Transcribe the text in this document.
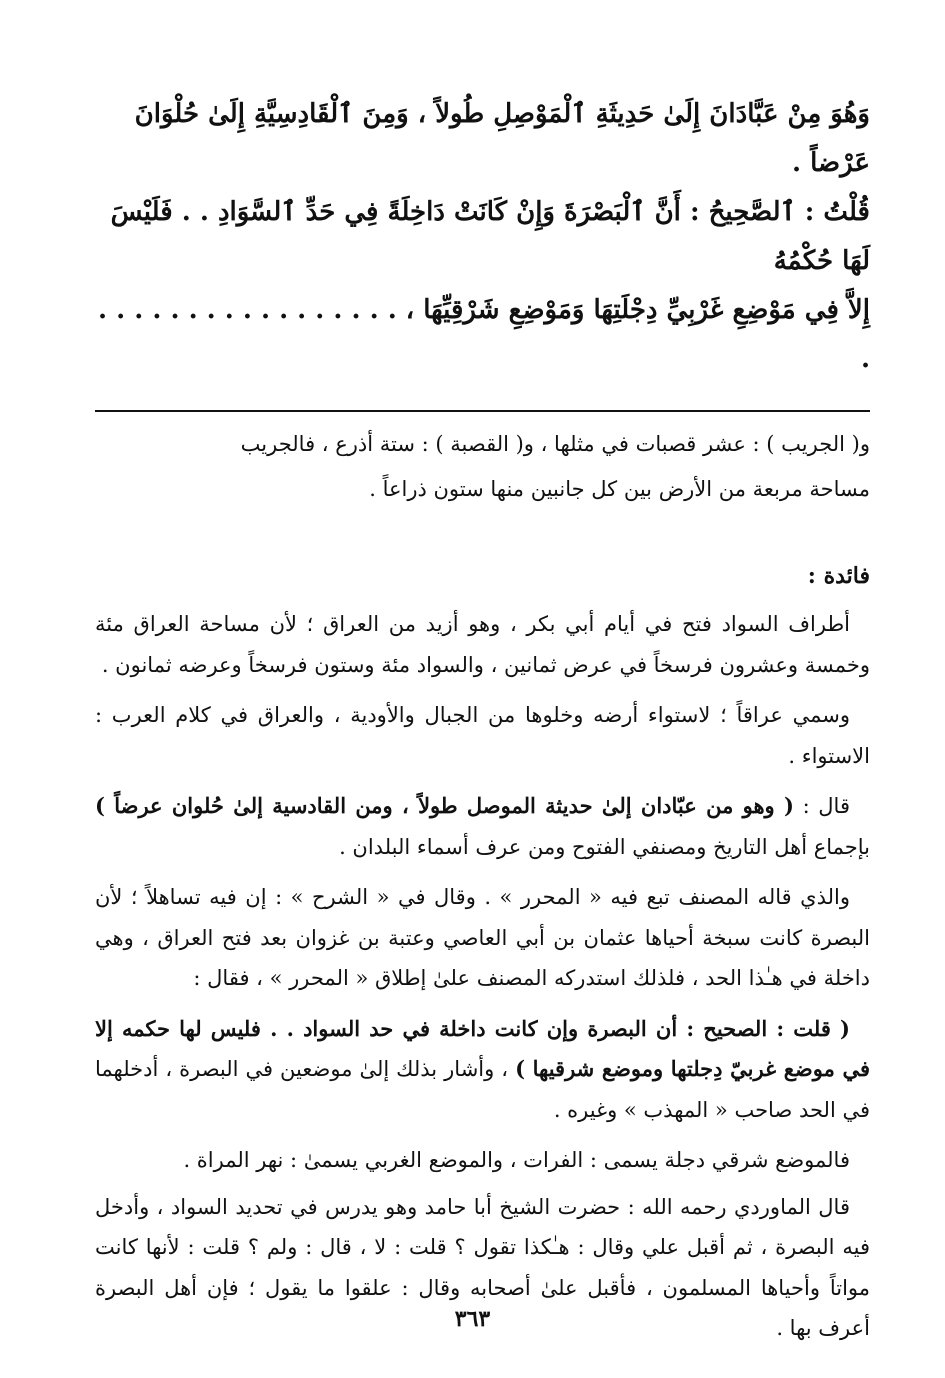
وَهُوَ مِنْ عَبَّادَانَ إِلَىٰ حَدِيثَةِ ٱلْمَوْصِلِ طُولاً ، وَمِنَ ٱلْقَادِسِيَّةِ إِلَىٰ حُلْوَانَ عَرْضاً .

قُلْتُ : ٱلصَّحِيحُ : أَنَّ ٱلْبَصْرَةَ وَإِنْ كَانَتْ دَاخِلَةً فِي حَدِّ ٱلسَّوَادِ . . فَلَيْسَ لَهَا حُكْمُهُ

إِلاَّ فِي مَوْضِعِ غَرْبِيِّ دِجْلَتِهَا وَمَوْضِعِ شَرْقِيِّهَا ، . . . . . . . . . . . . . . . . . .

و( الجريب ) : عشر قصبات في مثلها ، و( القصبة ) : ستة أذرع ، فالجريب

مساحة مربعة من الأرض بين كل جانبين منها ستون ذراعاً .

فائدة :

أطراف السواد فتح في أيام أبي بكر ، وهو أزيد من العراق ؛ لأن مساحة العراق مئة وخمسة وعشرون فرسخاً في عرض ثمانين ، والسواد مئة وستون فرسخاً وعرضه ثمانون .

وسمي عراقاً ؛ لاستواء أرضه وخلوها من الجبال والأودية ، والعراق في كلام العرب : الاستواء .

قال : ( وهو من عبّادان إلىٰ حديثة الموصل طولاً ، ومن القادسية إلىٰ حُلوان عرضاً ) بإجماع أهل التاريخ ومصنفي الفتوح ومن عرف أسماء البلدان .

والذي قاله المصنف تبع فيه « المحرر » . وقال في « الشرح » : إن فيه تساهلاً ؛ لأن البصرة كانت سبخة أحياها عثمان بن أبي العاصي وعتبة بن غزوان بعد فتح العراق ، وهي داخلة في هـٰذا الحد ، فلذلك استدركه المصنف علىٰ إطلاق « المحرر » ، فقال :

( قلت : الصحيح : أن البصرة وإن كانت داخلة في حد السواد . . فليس لها حكمه إلا في موضع غربيّ دِجلتها وموضع شرقيها ) ، وأشار بذلك إلىٰ موضعين في البصرة ، أدخلهما في الحد صاحب « المهذب » وغيره .

فالموضع شرقي دجلة يسمى : الفرات ، والموضع الغربي يسمىٰ : نهر المراة .

قال الماوردي رحمه الله : حضرت الشيخ أبا حامد وهو يدرس في تحديد السواد ، وأدخل فيه البصرة ، ثم أقبل علي وقال : هـٰكذا تقول ؟ قلت : لا ، قال : ولم ؟ قلت : لأنها كانت مواتاً وأحياها المسلمون ، فأقبل علىٰ أصحابه وقال : علقوا ما يقول ؛ فإن أهل البصرة أعرف بها .

٣٦٣
